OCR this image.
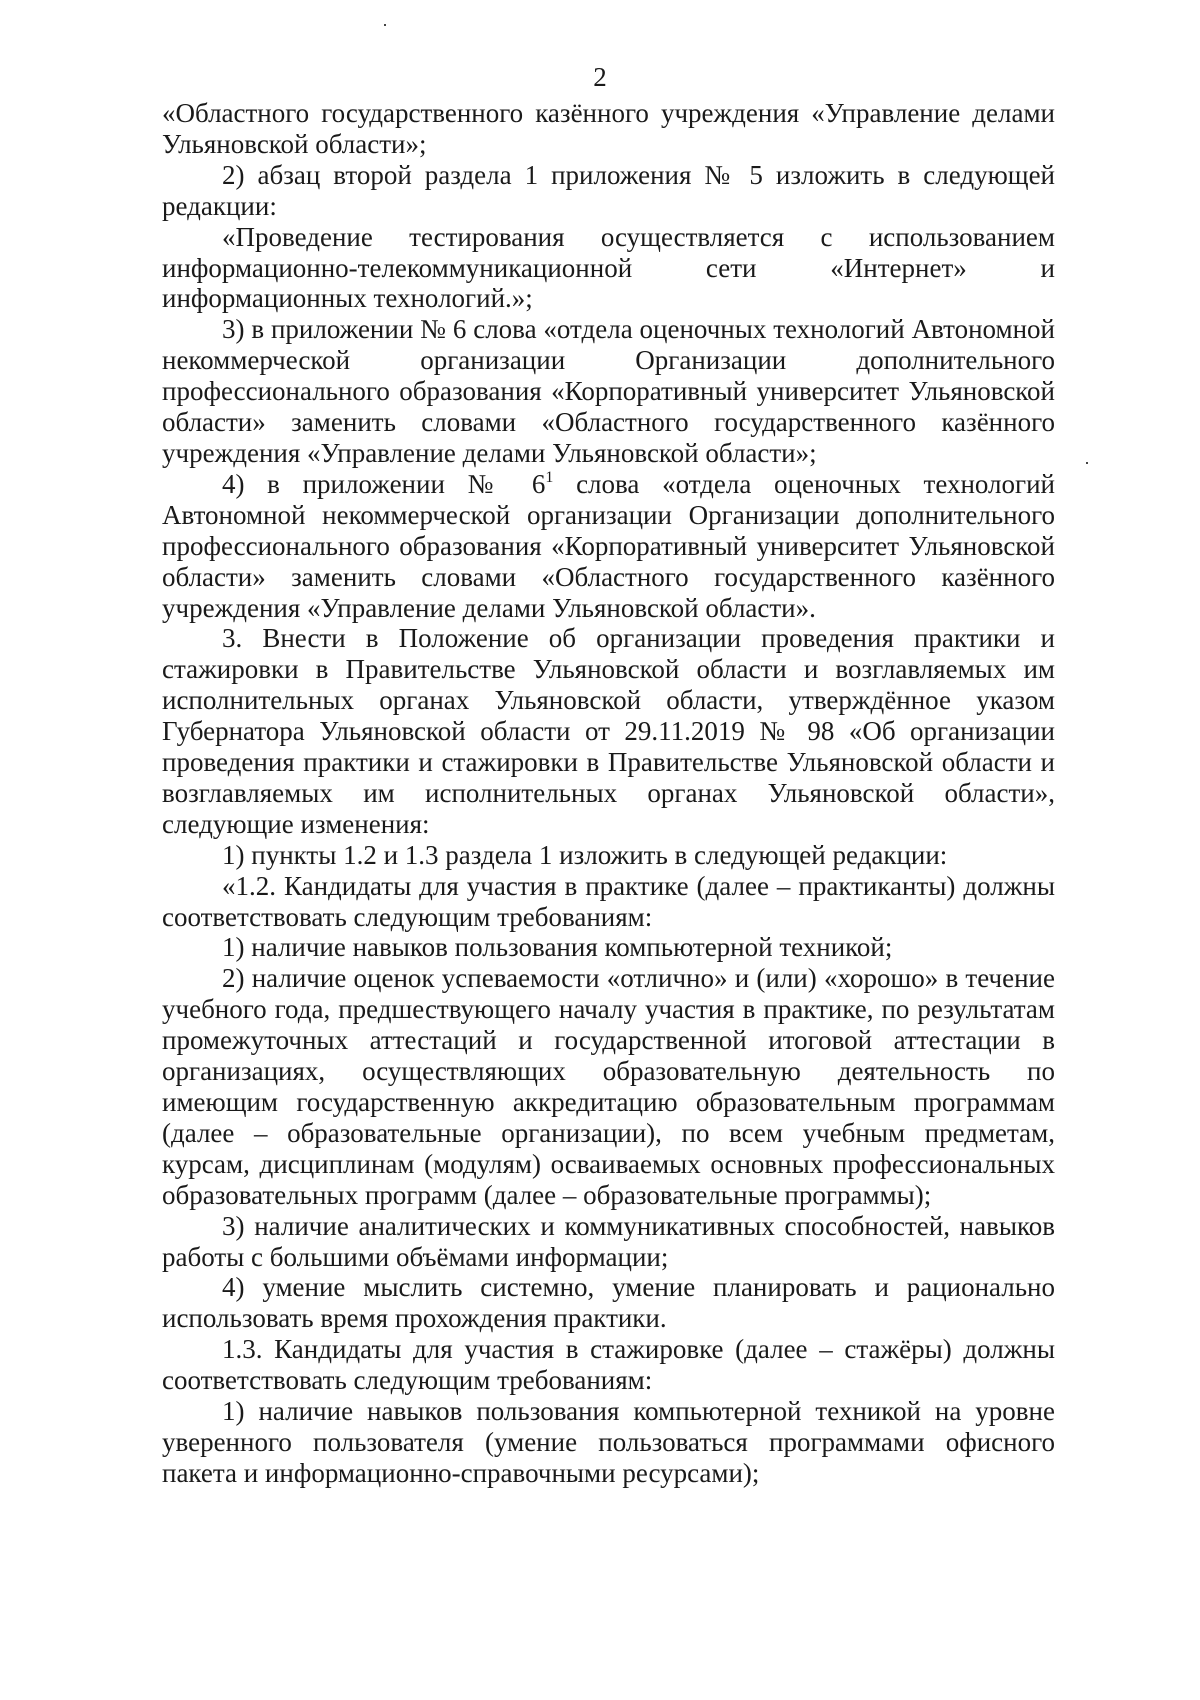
2

«Областного государственного казённого учреждения «Управление делами Ульяновской области»;

2) абзац второй раздела 1 приложения № 5 изложить в следующей редакции:

«Проведение тестирования осуществляется с использованием информационно-телекоммуникационной сети «Интернет» и информационных технологий.»;

3) в приложении № 6 слова «отдела оценочных технологий Автономной некоммерческой организации Организации дополнительного профессионального образования «Корпоративный университет Ульяновской области» заменить словами «Областного государственного казённого учреждения «Управление делами Ульяновской области»;

4) в приложении № $6^1$ слова «отдела оценочных технологий Автономной некоммерческой организации Организации дополнительного профессионального образования «Корпоративный университет Ульяновской области» заменить словами «Областного государственного казённого учреждения «Управление делами Ульяновской области».

3. Внести в Положение об организации проведения практики и стажировки в Правительстве Ульяновской области и возглавляемых им исполнительных органах Ульяновской области, утверждённое указом Губернатора Ульяновской области от 29.11.2019 № 98 «Об организации проведения практики и стажировки в Правительстве Ульяновской области и возглавляемых им исполнительных органах Ульяновской области», следующие изменения:

1) пункты 1.2 и 1.3 раздела 1 изложить в следующей редакции:

«1.2. Кандидаты для участия в практике (далее – практиканты) должны соответствовать следующим требованиям:

1) наличие навыков пользования компьютерной техникой;

2) наличие оценок успеваемости «отлично» и (или) «хорошо» в течение учебного года, предшествующего началу участия в практике, по результатам промежуточных аттестаций и государственной итоговой аттестации в организациях, осуществляющих образовательную деятельность по имеющим государственную аккредитацию образовательным программам (далее – образовательные организации), по всем учебным предметам, курсам, дисциплинам (модулям) осваиваемых основных профессиональных образовательных программ (далее – образовательные программы);

3) наличие аналитических и коммуникативных способностей, навыков работы с большими объёмами информации;

4) умение мыслить системно, умение планировать и рационально использовать время прохождения практики.

1.3. Кандидаты для участия в стажировке (далее – стажёры) должны соответствовать следующим требованиям:

1) наличие навыков пользования компьютерной техникой на уровне уверенного пользователя (умение пользоваться программами офисного пакета и информационно-справочными ресурсами);
